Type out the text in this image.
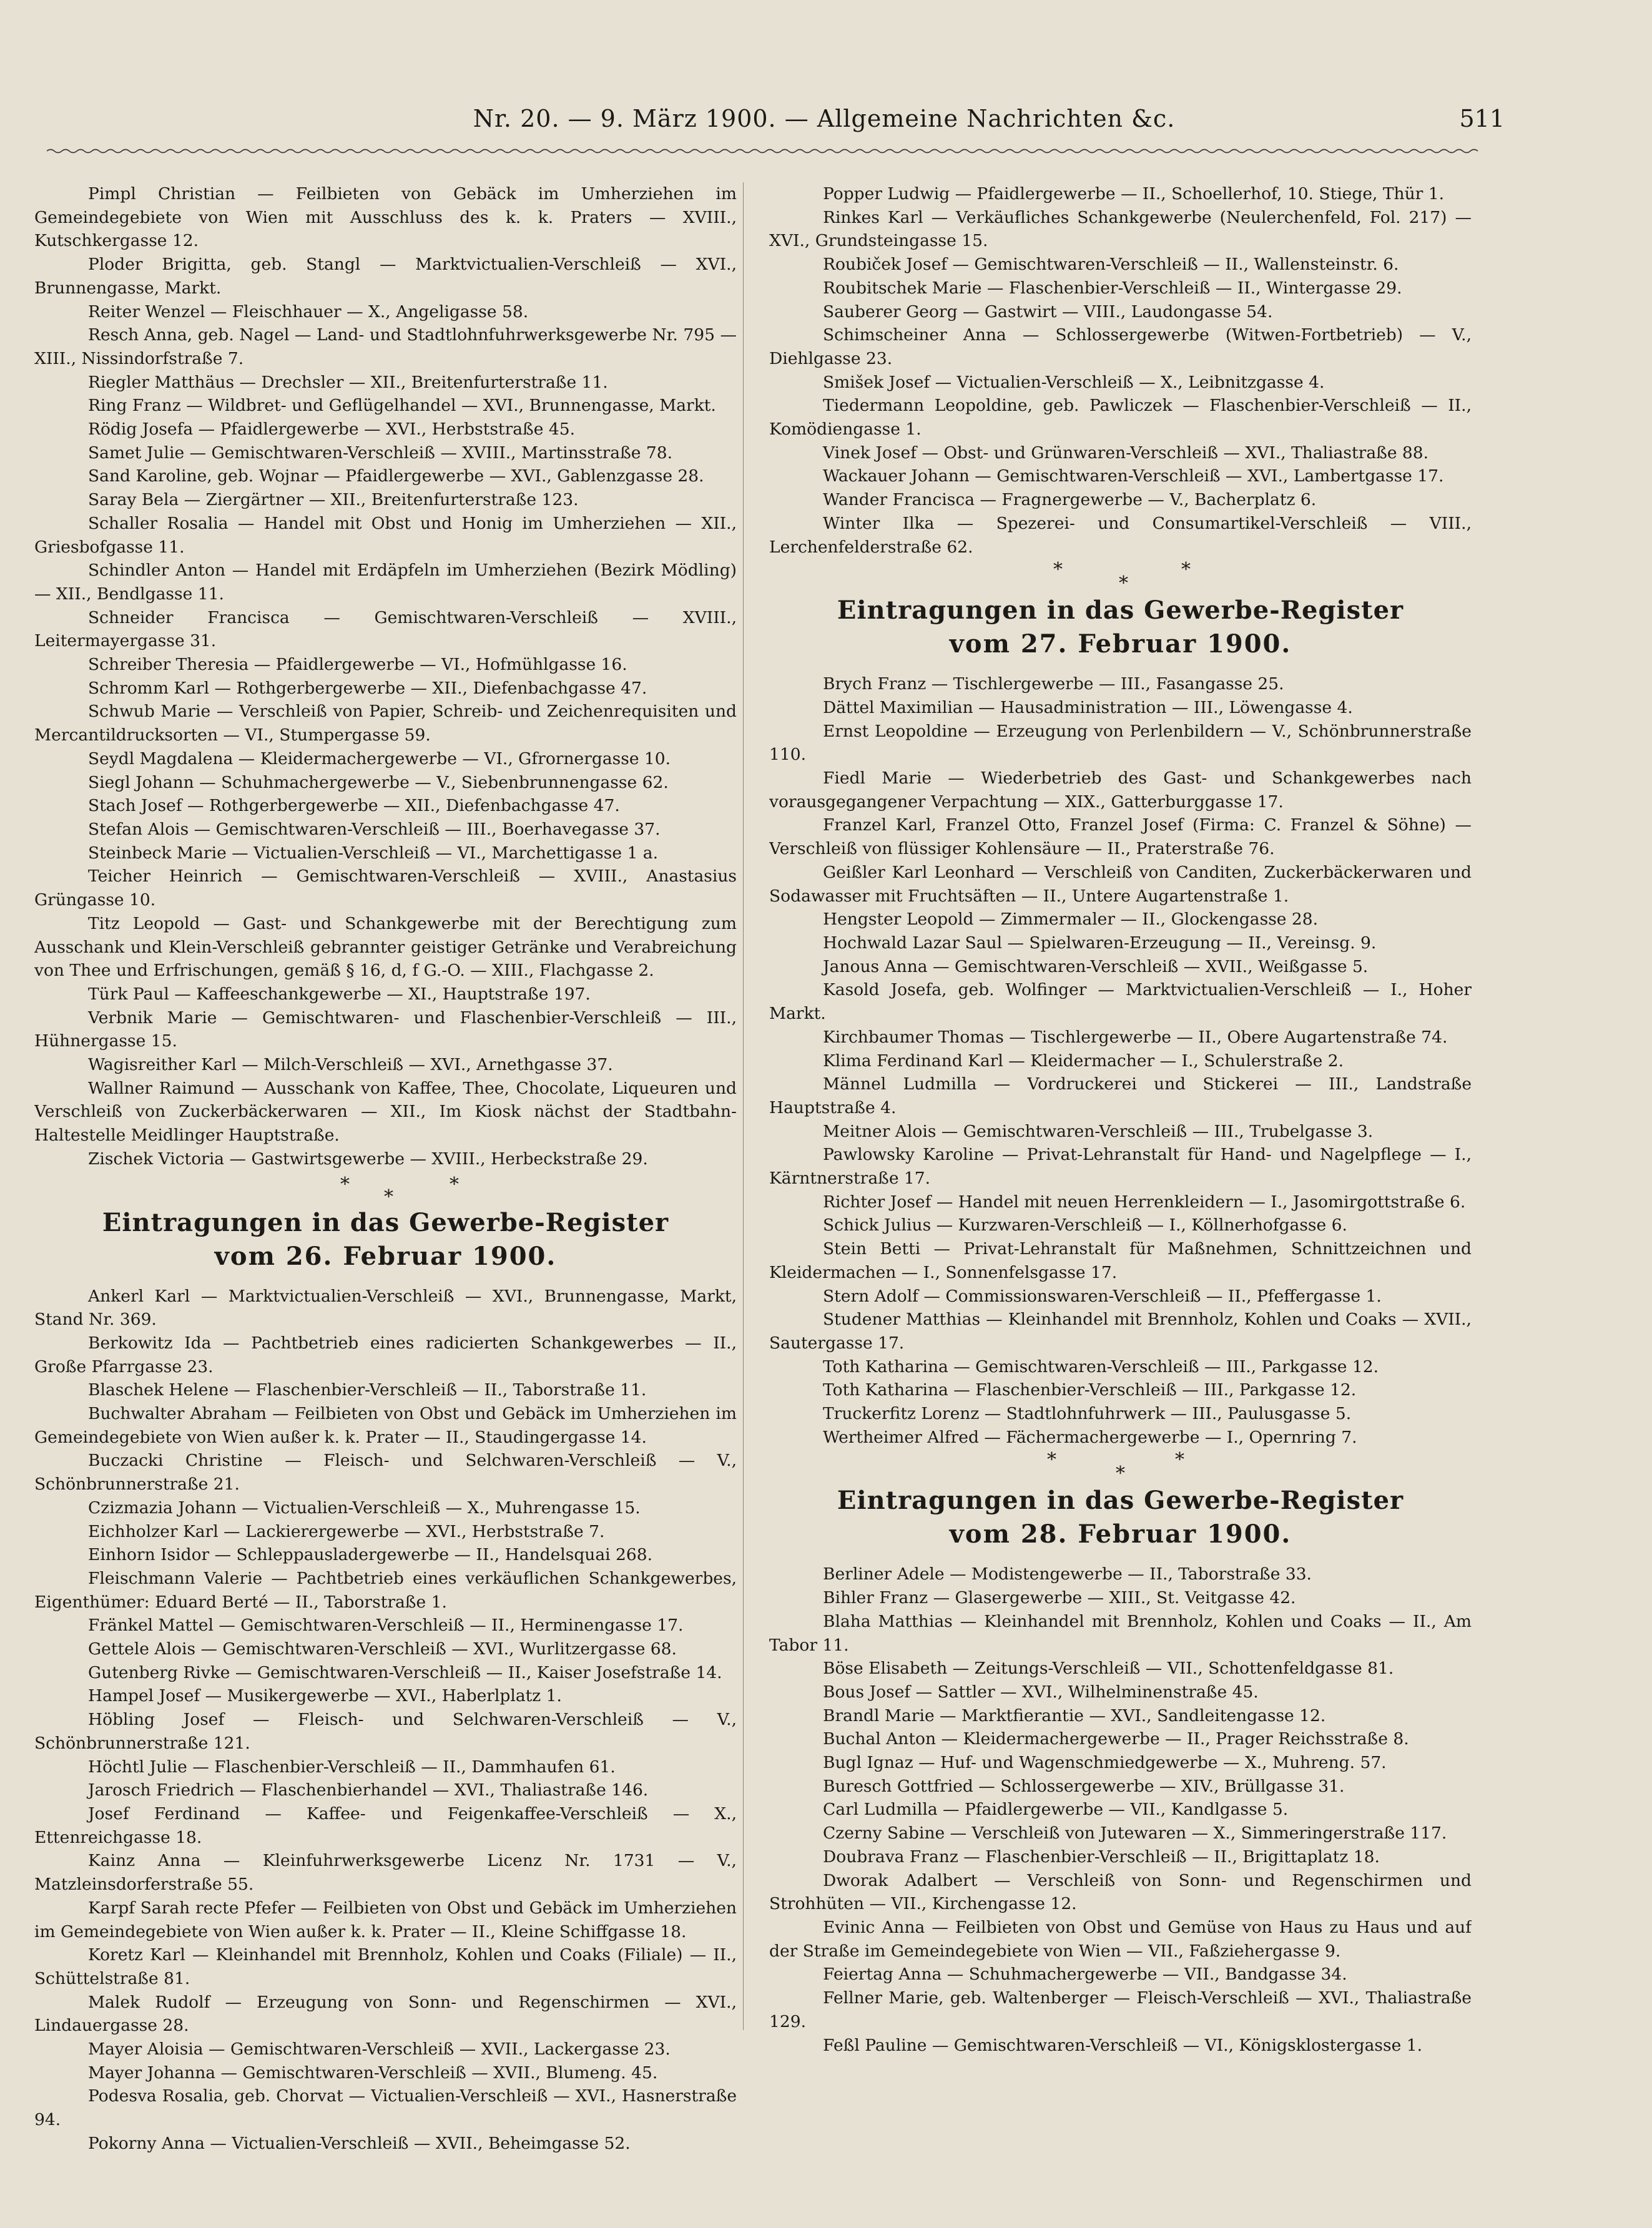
Nr. 20. — 9. März 1900. — Allgemeine Nachrichten &c.	511

Pimpl Christian — Feilbieten von Gebäck im Umherziehen im Gemeindegebiete von Wien mit Ausschluss des k. k. Praters — XVIII., Kutschkergasse 12.

Ploder Brigitta, geb. Stangl — Marktvictualien-Verschleiß — XVI., Brunnengasse, Markt.

Reiter Wenzel — Fleischhauer — X., Angeligasse 58.

Resch Anna, geb. Nagel — Land- und Stadtlohnfuhrwerksgewerbe Nr. 795 — XIII., Nissindorfstraße 7.

Riegler Matthäus — Drechsler — XII., Breitenfurterstraße 11.

Ring Franz — Wildbret- und Geflügelhandel — XVI., Brunnengasse, Markt.

Rödig Josefa — Pfaidlergewerbe — XVI., Herbststraße 45.

Samet Julie — Gemischtwaren-Verschleiß — XVIII., Martinsstraße 78.

Sand Karoline, geb. Wojnar — Pfaidlergewerbe — XVI., Gablenzgasse 28.

Saray Bela — Ziergärtner — XII., Breitenfurterstraße 123.

Schaller Rosalia — Handel mit Obst und Honig im Umherziehen — XII., Griesbofgasse 11.

Schindler Anton — Handel mit Erdäpfeln im Umherziehen (Bezirk Mödling) — XII., Bendlgasse 11.

Schneider Francisca — Gemischtwaren-Verschleiß — XVIII., Leitermayergasse 31.

Schreiber Theresia — Pfaidlergewerbe — VI., Hofmühlgasse 16.

Schromm Karl — Rothgerbergewerbe — XII., Diefenbachgasse 47.

Schwub Marie — Verschleiß von Papier, Schreib- und Zeichenrequisiten und Mercantildrucksorten — VI., Stumpergasse 59.

Seydl Magdalena — Kleidermachergewerbe — VI., Gfrornergasse 10.

Siegl Johann — Schuhmachergewerbe — V., Siebenbrunnengasse 62.

Stach Josef — Rothgerbergewerbe — XII., Diefenbachgasse 47.

Stefan Alois — Gemischtwaren-Verschleiß — III., Boerhavegasse 37.

Steinbeck Marie — Victualien-Verschleiß — VI., Marchettigasse 1 a.

Teicher Heinrich — Gemischtwaren-Verschleiß — XVIII., Anastasius Grüngasse 10.

Titz Leopold — Gast- und Schankgewerbe mit der Berechtigung zum Ausschank und Klein-Verschleiß gebrannter geistiger Getränke und Verabreichung von Thee und Erfrischungen, gemäß § 16, d, f G.-O. — XIII., Flachgasse 2.

Türk Paul — Kaffeeschankgewerbe — XI., Hauptstraße 197.

Verbnik Marie — Gemischtwaren- und Flaschenbier-Verschleiß — III., Hühnergasse 15.

Wagisreither Karl — Milch-Verschleiß — XVI., Arnethgasse 37.

Wallner Raimund — Ausschank von Kaffee, Thee, Chocolate, Liqueuren und Verschleiß von Zuckerbäckerwaren — XII., Im Kiosk nächst der Stadtbahn-Haltestelle Meidlinger Hauptstraße.

Zischek Victoria — Gastwirtsgewerbe — XVIII., Herbeckstraße 29.

*
*
*
Eintragungen in das Gewerbe-Register
vom 26. Februar 1900.

Ankerl Karl — Marktvictualien-Verschleiß — XVI., Brunnengasse, Markt, Stand Nr. 369.

Berkowitz Ida — Pachtbetrieb eines radicierten Schankgewerbes — II., Große Pfarrgasse 23.

Blaschek Helene — Flaschenbier-Verschleiß — II., Taborstraße 11.

Buchwalter Abraham — Feilbieten von Obst und Gebäck im Umherziehen im Gemeindegebiete von Wien außer k. k. Prater — II., Staudingergasse 14.

Buczacki Christine — Fleisch- und Selchwaren-Verschleiß — V., Schönbrunnerstraße 21.

Czizmazia Johann — Victualien-Verschleiß — X., Muhrengasse 15.

Eichholzer Karl — Lackierergewerbe — XVI., Herbststraße 7.

Einhorn Isidor — Schleppausladergewerbe — II., Handelsquai 268.

Fleischmann Valerie — Pachtbetrieb eines verkäuflichen Schankgewerbes, Eigenthümer: Eduard Berté — II., Taborstraße 1.

Fränkel Mattel — Gemischtwaren-Verschleiß — II., Herminengasse 17.

Gettele Alois — Gemischtwaren-Verschleiß — XVI., Wurlitzergasse 68.

Gutenberg Rivke — Gemischtwaren-Verschleiß — II., Kaiser Josefstraße 14.

Hampel Josef — Musikergewerbe — XVI., Haberlplatz 1.

Höbling Josef — Fleisch- und Selchwaren-Verschleiß — V., Schönbrunnerstraße 121.

Höchtl Julie — Flaschenbier-Verschleiß — II., Dammhaufen 61.

Jarosch Friedrich — Flaschenbierhandel — XVI., Thaliastraße 146.

Josef Ferdinand — Kaffee- und Feigenkaffee-Verschleiß — X., Ettenreichgasse 18.

Kainz Anna — Kleinfuhrwerksgewerbe Licenz Nr. 1731 — V., Matzleinsdorferstraße 55.

Karpf Sarah recte Pfefer — Feilbieten von Obst und Gebäck im Umherziehen im Gemeindegebiete von Wien außer k. k. Prater — II., Kleine Schiffgasse 18.

Koretz Karl — Kleinhandel mit Brennholz, Kohlen und Coaks (Filiale) — II., Schüttelstraße 81.

Malek Rudolf — Erzeugung von Sonn- und Regenschirmen — XVI., Lindauergasse 28.

Mayer Aloisia — Gemischtwaren-Verschleiß — XVII., Lackergasse 23.

Mayer Johanna — Gemischtwaren-Verschleiß — XVII., Blumeng. 45.

Podesva Rosalia, geb. Chorvat — Victualien-Verschleiß — XVI., Hasnerstraße 94.

Pokorny Anna — Victualien-Verschleiß — XVII., Beheimgasse 52.

Popper Ludwig — Pfaidlergewerbe — II., Schoellerhof, 10. Stiege, Thür 1.

Rinkes Karl — Verkäufliches Schankgewerbe (Neulerchenfeld, Fol. 217) — XVI., Grundsteingasse 15.

Roubiček Josef — Gemischtwaren-Verschleiß — II., Wallensteinstr. 6.

Roubitschek Marie — Flaschenbier-Verschleiß — II., Wintergasse 29.

Sauberer Georg — Gastwirt — VIII., Laudongasse 54.

Schimscheiner Anna — Schlossergewerbe (Witwen-Fortbetrieb) — V., Diehlgasse 23.

Smišek Josef — Victualien-Verschleiß — X., Leibnitzgasse 4.

Tiedermann Leopoldine, geb. Pawliczek — Flaschenbier-Verschleiß — II., Komödiengasse 1.

Vinek Josef — Obst- und Grünwaren-Verschleiß — XVI., Thaliastraße 88.

Wackauer Johann — Gemischtwaren-Verschleiß — XVI., Lambertgasse 17.

Wander Francisca — Fragnergewerbe — V., Bacherplatz 6.

Winter Ilka — Spezerei- und Consumartikel-Verschleiß — VIII., Lerchenfelderstraße 62.

*
*
*
Eintragungen in das Gewerbe-Register
vom 27. Februar 1900.

Brych Franz — Tischlergewerbe — III., Fasangasse 25.

Dättel Maximilian — Hausadministration — III., Löwengasse 4.

Ernst Leopoldine — Erzeugung von Perlenbildern — V., Schönbrunnerstraße 110.

Fiedl Marie — Wiederbetrieb des Gast- und Schankgewerbes nach vorausgegangener Verpachtung — XIX., Gatterburggasse 17.

Franzel Karl, Franzel Otto, Franzel Josef (Firma: C. Franzel & Söhne) — Verschleiß von flüssiger Kohlensäure — II., Praterstraße 76.

Geißler Karl Leonhard — Verschleiß von Canditen, Zuckerbäckerwaren und Sodawasser mit Fruchtsäften — II., Untere Augartenstraße 1.

Hengster Leopold — Zimmermaler — II., Glockengasse 28.

Hochwald Lazar Saul — Spielwaren-Erzeugung — II., Vereinsg. 9.

Janous Anna — Gemischtwaren-Verschleiß — XVII., Weißgasse 5.

Kasold Josefa, geb. Wolfinger — Marktvictualien-Verschleiß — I., Hoher Markt.

Kirchbaumer Thomas — Tischlergewerbe — II., Obere Augartenstraße 74.

Klima Ferdinand Karl — Kleidermacher — I., Schulerstraße 2.

Männel Ludmilla — Vordruckerei und Stickerei — III., Landstraße Hauptstraße 4.

Meitner Alois — Gemischtwaren-Verschleiß — III., Trubelgasse 3.

Pawlowsky Karoline — Privat-Lehranstalt für Hand- und Nagelpflege — I., Kärntnerstraße 17.

Richter Josef — Handel mit neuen Herrenkleidern — I., Jasomirgottstraße 6.

Schick Julius — Kurzwaren-Verschleiß — I., Köllnerhofgasse 6.

Stein Betti — Privat-Lehranstalt für Maßnehmen, Schnittzeichnen und Kleidermachen — I., Sonnenfelsgasse 17.

Stern Adolf — Commissionswaren-Verschleiß — II., Pfeffergasse 1.

Studener Matthias — Kleinhandel mit Brennholz, Kohlen und Coaks — XVII., Sautergasse 17.

Toth Katharina — Gemischtwaren-Verschleiß — III., Parkgasse 12.

Toth Katharina — Flaschenbier-Verschleiß — III., Parkgasse 12.

Truckerfitz Lorenz — Stadtlohnfuhrwerk — III., Paulusgasse 5.

Wertheimer Alfred — Fächermachergewerbe — I., Opernring 7.

*
*
*
Eintragungen in das Gewerbe-Register
vom 28. Februar 1900.

Berliner Adele — Modistengewerbe — II., Taborstraße 33.

Bihler Franz — Glasergewerbe — XIII., St. Veitgasse 42.

Blaha Matthias — Kleinhandel mit Brennholz, Kohlen und Coaks — II., Am Tabor 11.

Böse Elisabeth — Zeitungs-Verschleiß — VII., Schottenfeldgasse 81.

Bous Josef — Sattler — XVI., Wilhelminenstraße 45.

Brandl Marie — Marktfierantie — XVI., Sandleitengasse 12.

Buchal Anton — Kleidermachergewerbe — II., Prager Reichsstraße 8.

Bugl Ignaz — Huf- und Wagenschmiedgewerbe — X., Muhreng. 57.

Buresch Gottfried — Schlossergewerbe — XIV., Brüllgasse 31.

Carl Ludmilla — Pfaidlergewerbe — VII., Kandlgasse 5.

Czerny Sabine — Verschleiß von Jutewaren — X., Simmeringerstraße 117.

Doubrava Franz — Flaschenbier-Verschleiß — II., Brigittaplatz 18.

Dworak Adalbert — Verschleiß von Sonn- und Regenschirmen und Strohhüten — VII., Kirchengasse 12.

Evinic Anna — Feilbieten von Obst und Gemüse von Haus zu Haus und auf der Straße im Gemeindegebiete von Wien — VII., Faßziehergasse 9.

Feiertag Anna — Schuhmachergewerbe — VII., Bandgasse 34.

Fellner Marie, geb. Waltenberger — Fleisch-Verschleiß — XVI., Thaliastraße 129.

Feßl Pauline — Gemischtwaren-Verschleiß — VI., Königsklostergasse 1.
